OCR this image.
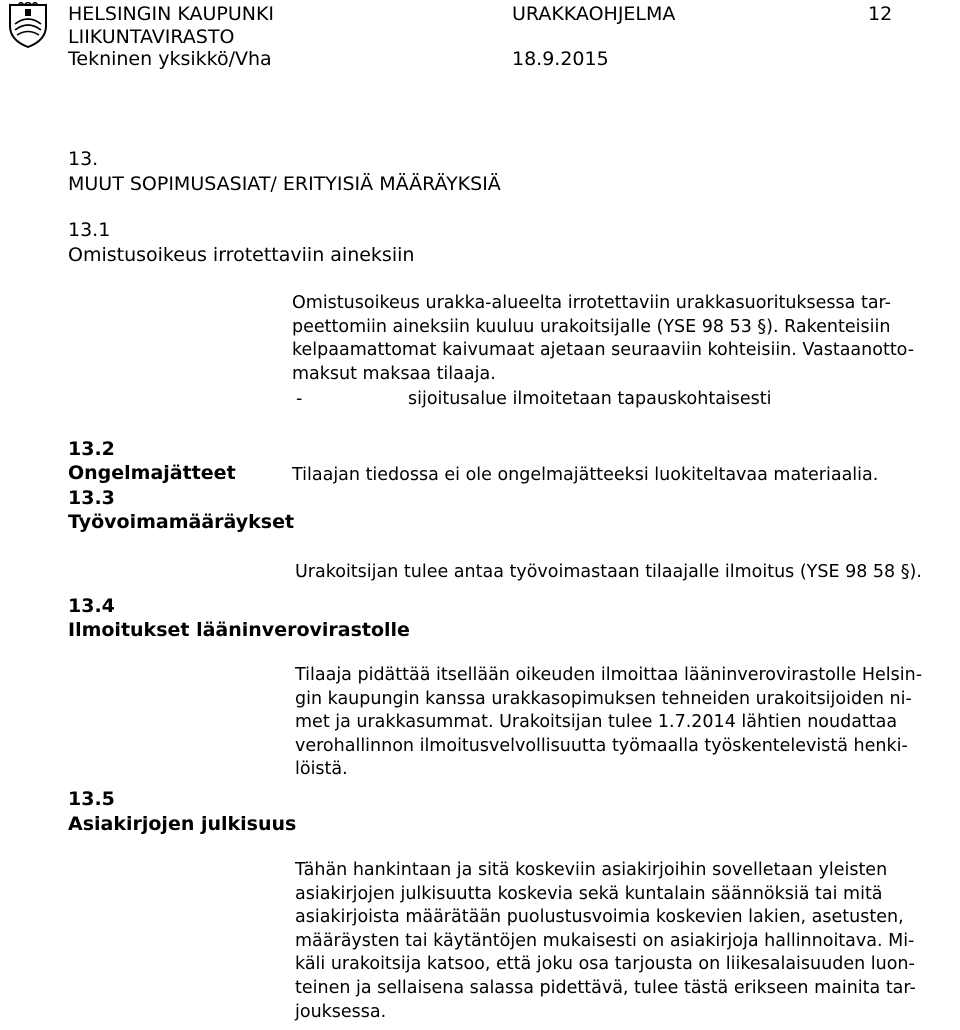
HELSINGIN KAUPUNKI
LIIKUNTAVIRASTO
Tekninen yksikkö/Vha
URAKKAOHJELMA	12
18.9.2015
13.
MUUT SOPIMUSASIAT/ ERITYISIÄ MÄÄRÄYKSIÄ
13.1
Omistusoikeus irrotettaviin aineksiin
Omistusoikeus urakka-alueelta irrotettaviin urakkasuorituksessa tar-
peettomiin aineksiin kuuluu urakoitsijalle (YSE 98 53 §). Rakenteisiin
kelpaamattomat kaivumaat ajetaan seuraaviin kohteisiin. Vastaanotto-
maksut maksaa tilaaja.
-	sijoitusalue ilmoitetaan tapauskohtaisesti
13.2
Ongelmajätteet	Tilaajan tiedossa ei ole ongelmajätteeksi luokiteltavaa materiaalia.
13.3
Työvoimamääräykset
Urakoitsijan tulee antaa työvoimastaan tilaajalle ilmoitus (YSE 98 58 §).
13.4
Ilmoitukset lääninverovirastolle
Tilaaja pidättää itsellään oikeuden ilmoittaa lääninverovirastolle Helsin-
gin kaupungin kanssa urakkasopimuksen tehneiden urakoitsijoiden ni-
met ja urakkasummat. Urakoitsijan tulee 1.7.2014 lähtien noudattaa
verohallinnon ilmoitusvelvollisuutta työmaalla työskentelevistä henki-
löistä.
13.5
Asiakirjojen julkisuus
Tähän hankintaan ja sitä koskeviin asiakirjoihin sovelletaan yleisten
asiakirjojen julkisuutta koskevia sekä kuntalain säännöksiä tai mitä
asiakirjoista määrätään puolustusvoimia koskevien lakien, asetusten,
määräysten tai käytäntöjen mukaisesti on asiakirjoja hallinnoitava. Mi-
käli urakoitsija katsoo, että joku osa tarjousta on liikesalaisuuden luon-
teinen ja sellaisena salassa pidettävä, tulee tästä erikseen mainita tar-
jouksessa.
